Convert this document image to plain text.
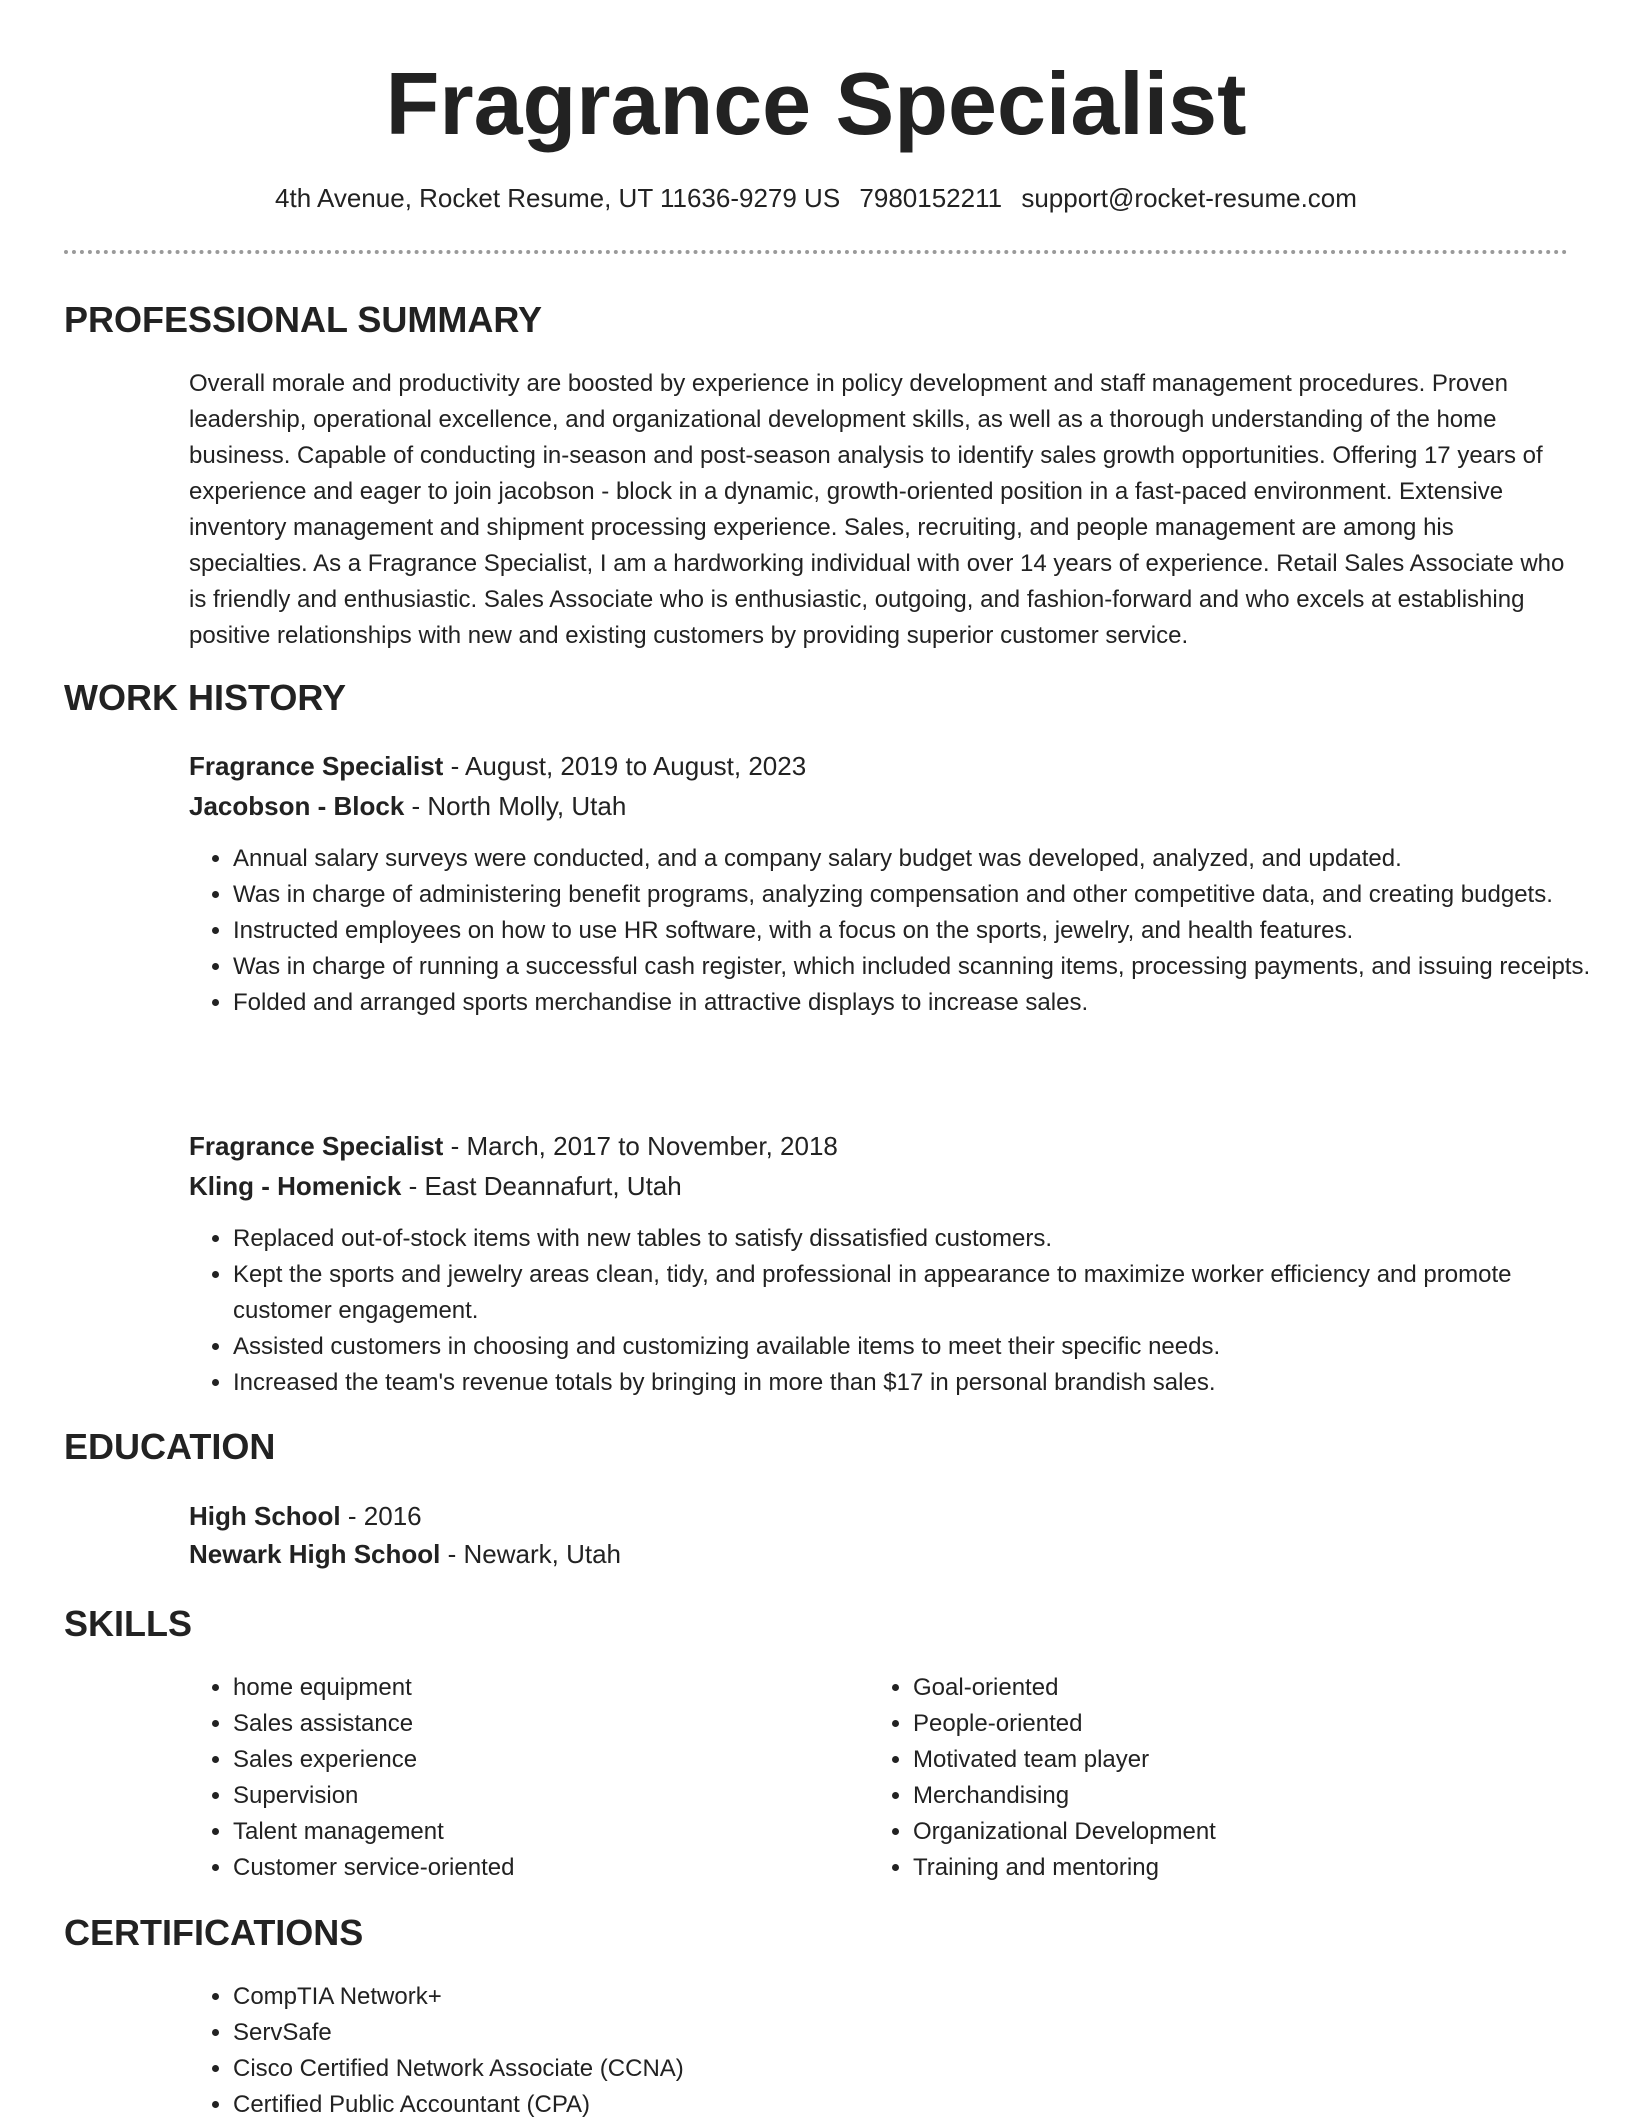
Fragrance Specialist
4th Avenue, Rocket Resume, UT 11636-9279 US 7980152211 support@rocket-resume.com
PROFESSIONAL SUMMARY

Overall morale and productivity are boosted by experience in policy development and staff management procedures. Proven leadership, operational excellence, and organizational development skills, as well as a thorough understanding of the home business. Capable of conducting in-season and post-season analysis to identify sales growth opportunities. Offering 17 years of experience and eager to join jacobson - block in a dynamic, growth-oriented position in a fast-paced environment. Extensive inventory management and shipment processing experience. Sales, recruiting, and people management are among his specialties. As a Fragrance Specialist, I am a hardworking individual with over 14 years of experience. Retail Sales Associate who is friendly and enthusiastic. Sales Associate who is enthusiastic, outgoing, and fashion-forward and who excels at establishing positive relationships with new and existing customers by providing superior customer service.

WORK HISTORY
Fragrance Specialist - August, 2019 to August, 2023
Jacobson - Block - North Molly, Utah
• Annual salary surveys were conducted, and a company salary budget was developed, analyzed, and updated.
• Was in charge of administering benefit programs, analyzing compensation and other competitive data, and creating budgets.
• Instructed employees on how to use HR software, with a focus on the sports, jewelry, and health features.
• Was in charge of running a successful cash register, which included scanning items, processing payments, and issuing receipts.
• Folded and arranged sports merchandise in attractive displays to increase sales.
Fragrance Specialist - March, 2017 to November, 2018
Kling - Homenick - East Deannafurt, Utah
• Replaced out-of-stock items with new tables to satisfy dissatisfied customers.
• Kept the sports and jewelry areas clean, tidy, and professional in appearance to maximize worker efficiency and promote customer engagement.
• Assisted customers in choosing and customizing available items to meet their specific needs.
• Increased the team's revenue totals by bringing in more than $17 in personal brandish sales.
EDUCATION
High School - 2016
Newark High School - Newark, Utah
SKILLS
• home equipment
• Sales assistance
• Sales experience
• Supervision
• Talent management
• Customer service-oriented
• Goal-oriented
• People-oriented
• Motivated team player
• Merchandising
• Organizational Development
• Training and mentoring
CERTIFICATIONS
• CompTIA Network+
• ServSafe
• Cisco Certified Network Associate (CCNA)
• Certified Public Accountant (CPA)
